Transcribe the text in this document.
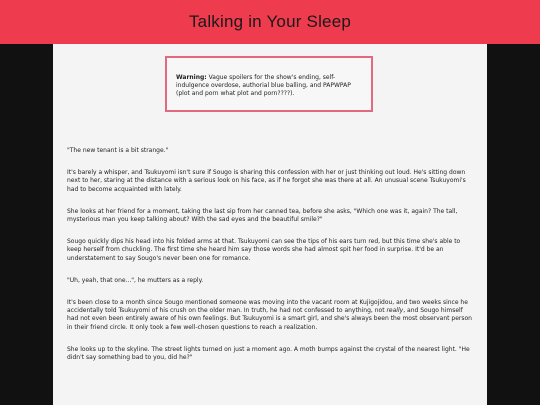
Talking in Your Sleep
Warning: Vague spoilers for the show's ending, self-indulgence overdose, authorial blue balling, and PAPWPAP (plot and porn what plot and porn????).

"The new tenant is a bit strange."

It's barely a whisper, and Tsukuyomi isn't sure if Sougo is sharing this confession with her or just thinking out loud. He's sitting down next to her, staring at the distance with a serious look on his face, as if he forgot she was there at all. An unusual scene Tsukuyomi's had to become acquainted with lately.

She looks at her friend for a moment, taking the last sip from her canned tea, before she asks, "Which one was it, again? The tall, mysterious man you keep talking about? With the sad eyes and the beautiful smile?"

Sougo quickly dips his head into his folded arms at that. Tsukuyomi can see the tips of his ears turn red, but this time she's able to keep herself from chuckling. The first time she heard him say those words she had almost spit her food in surprise. It'd be an understatement to say Sougo's never been one for romance.

"Uh, yeah, that one...", he mutters as a reply.

It's been close to a month since Sougo mentioned someone was moving into the vacant room at Kujigojidou, and two weeks since he accidentally told Tsukuyomi of his crush on the older man. In truth, he had not confessed to anything, not really, and Sougo himself had not even been entirely aware of his own feelings. But Tsukuyomi is a smart girl, and she's always been the most observant person in their friend circle. It only took a few well-chosen questions to reach a realization.

She looks up to the skyline. The street lights turned on just a moment ago. A moth bumps against the crystal of the nearest light. "He didn't say something bad to you, did he?"
